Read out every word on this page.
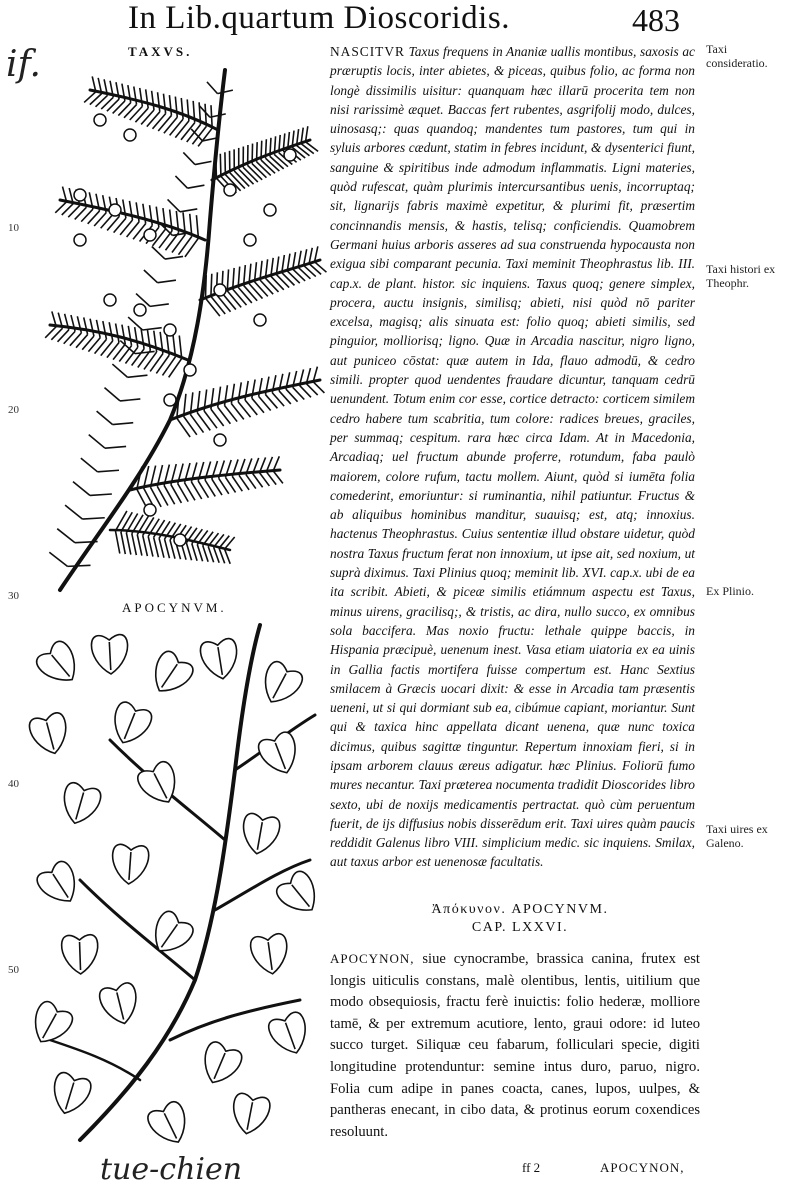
In Lib.quartum Dioscoridis.	483
if.
tue-chien
TAXVS.
APOCYNVM.
10
20
30
40
50

NASCITVR Taxus frequens in Ananiæ uallis montibus, saxosis ac præruptis locis, inter abietes, & piceas, quibus folio, ac forma non longè dissimilis uisitur: quanquam hæc illarū procerita tem non nisi rarissimè æquet. Baccas fert rubentes, asgrifolij modo, dulces, uinosasq;: quas quandoq; mandentes tum pastores, tum qui in syluis arbores cædunt, statim in febres incidunt, & dysenterici fiunt, sanguine & spiritibus inde admodum inflammatis. Ligni materies, quòd rufescat, quàm plurimis intercursantibus uenis, incorruptaq; sit, lignarijs fabris maximè expetitur, & plurimi fit, præsertim concinnandis mensis, & hastis, telisq; conficiendis. Quamobrem Germani huius arboris asseres ad sua construenda hypocausta non exigua sibi comparant pecunia. Taxi meminit Theophrastus lib. III. cap.x. de plant. histor. sic inquiens. Taxus quoq; genere simplex, procera, auctu insignis, similisq; abieti, nisi quòd nō pariter excelsa, magisq; alis sinuata est: folio quoq; abieti similis, sed pinguior, molliorisq; ligno. Quæ in Arcadia nascitur, nigro ligno, aut puniceo cōstat: quæ autem in Ida, flauo admodū, & cedro simili. propter quod uendentes fraudare dicuntur, tanquam cedrū uenundent. Totum enim cor esse, cortice detracto: corticem similem cedro habere tum scabritia, tum colore: radices breues, graciles, per summaq; cespitum. rara hæc circa Idam. At in Macedonia, Arcadiaq; uel fructum abunde proferre, rotundum, faba paulò maiorem, colore rufum, tactu mollem. Aiunt, quòd si iumēta folia comederint, emoriuntur: si ruminantia, nihil patiuntur. Fructus & ab aliquibus hominibus manditur, suauisq; est, atq; innoxius. hactenus Theophrastus. Cuius sententiæ illud obstare uidetur, quòd nostra Taxus fructum ferat non innoxium, ut ipse ait, sed noxium, ut suprà diximus. Taxi Plinius quoq; meminit lib. XVI. cap.x. ubi de ea ita scribit. Abieti, & piceæ similis etiámnum aspectu est Taxus, minus uirens, gracilisq;, & tristis, ac dira, nullo succo, ex omnibus sola baccifera. Mas noxio fructu: lethale quippe baccis, in Hispania præcipuè, uenenum inest. Vasa etiam uiatoria ex ea uinis in Gallia factis mortifera fuisse compertum est. Hanc Sextius smilacem à Græcis uocari dixit: & esse in Arcadia tam præsentis ueneni, ut si qui dormiant sub ea, cibúmue capiant, moriantur. Sunt qui & taxica hinc appellata dicant uenena, quæ nunc toxica dicimus, quibus sagittæ tinguntur. Repertum innoxiam fieri, si in ipsam arborem clauus æreus adigatur. hæc Plinius. Foliorū fumo mures necantur. Taxi præterea nocumenta tradidit Dioscorides libro sexto, ubi de noxijs medicamentis pertractat. quò cùm peruentum fuerit, de ijs diffusius nobis disserēdum erit. Taxi uires quàm paucis reddidit Galenus libro VIII. simplicium medic. sic inquiens. Smilax, aut taxus arbor est uenenosæ facultatis.

Taxi consideratio.
Taxi histori ex Theophr.
Ex Plinio.
Taxi uires ex Galeno.
Ἀπόκυνον. APOCYNVM.
CAP. LXXVI.

APOCYNON, siue cynocrambe, brassica canina, frutex est longis uiticulis constans, malè olentibus, lentis, uitilium que modo obsequiosis, fractu ferè inuictis: folio hederæ, molliore tamē, & per extremum acutiore, lento, graui odore: id luteo succo turget. Siliquæ ceu fabarum, folliculari specie, digiti longitudine protenduntur: semine intus duro, paruo, nigro. Folia cum adipe in panes coacta, canes, lupos, uulpes, & pantheras enecant, in cibo data, & protinus eorum coxendices resoluunt.

ff 2	APOCYNON,
